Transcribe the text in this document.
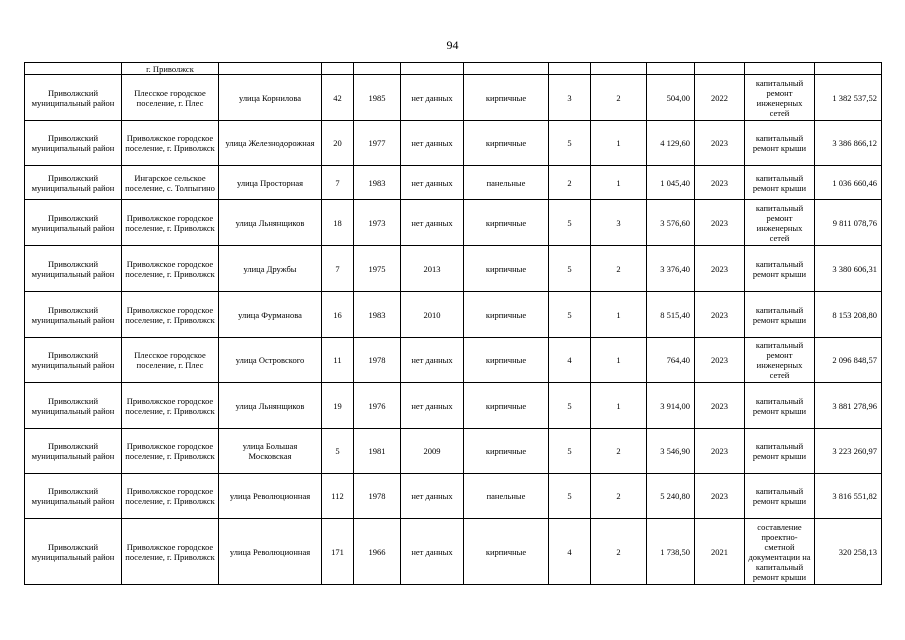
94
	г. Приволжск											
Приволжский муниципальный район	Плесское городское поселение, г. Плес	улица Корнилова	42	1985	нет данных	кирпичные	3	2	504,00	2022	капитальный ремонт инженерных сетей	1 382 537,52
Приволжский муниципальный район	Приволжское городское поселение, г. Приволжск	улица Железнодорожная	20	1977	нет данных	кирпичные	5	1	4 129,60	2023	капитальный ремонт крыши	3 386 866,12
Приволжский муниципальный район	Ингарское сельское поселение, с. Толпыгино	улица Просторная	7	1983	нет данных	панельные	2	1	1 045,40	2023	капитальный ремонт крыши	1 036 660,46
Приволжский муниципальный район	Приволжское городское поселение, г. Приволжск	улица Льнянщиков	18	1973	нет данных	кирпичные	5	3	3 576,60	2023	капитальный ремонт инженерных сетей	9 811 078,76
Приволжский муниципальный район	Приволжское городское поселение, г. Приволжск	улица Дружбы	7	1975	2013	кирпичные	5	2	3 376,40	2023	капитальный ремонт крыши	3 380 606,31
Приволжский муниципальный район	Приволжское городское поселение, г. Приволжск	улица Фурманова	16	1983	2010	кирпичные	5	1	8 515,40	2023	капитальный ремонт крыши	8 153 208,80
Приволжский муниципальный район	Плесское городское поселение, г. Плес	улица Островского	11	1978	нет данных	кирпичные	4	1	764,40	2023	капитальный ремонт инженерных сетей	2 096 848,57
Приволжский муниципальный район	Приволжское городское поселение, г. Приволжск	улица Льнянщиков	19	1976	нет данных	кирпичные	5	1	3 914,00	2023	капитальный ремонт крыши	3 881 278,96
Приволжский муниципальный район	Приволжское городское поселение, г. Приволжск	улица Большая Московская	5	1981	2009	кирпичные	5	2	3 546,90	2023	капитальный ремонт крыши	3 223 260,97
Приволжский муниципальный район	Приволжское городское поселение, г. Приволжск	улица Революционная	112	1978	нет данных	панельные	5	2	5 240,80	2023	капитальный ремонт крыши	3 816 551,82
Приволжский муниципальный район	Приволжское городское поселение, г. Приволжск	улица Революционная	171	1966	нет данных	кирпичные	4	2	1 738,50	2021	составление проектно-сметной документации на капитальный ремонт крыши	320 258,13
